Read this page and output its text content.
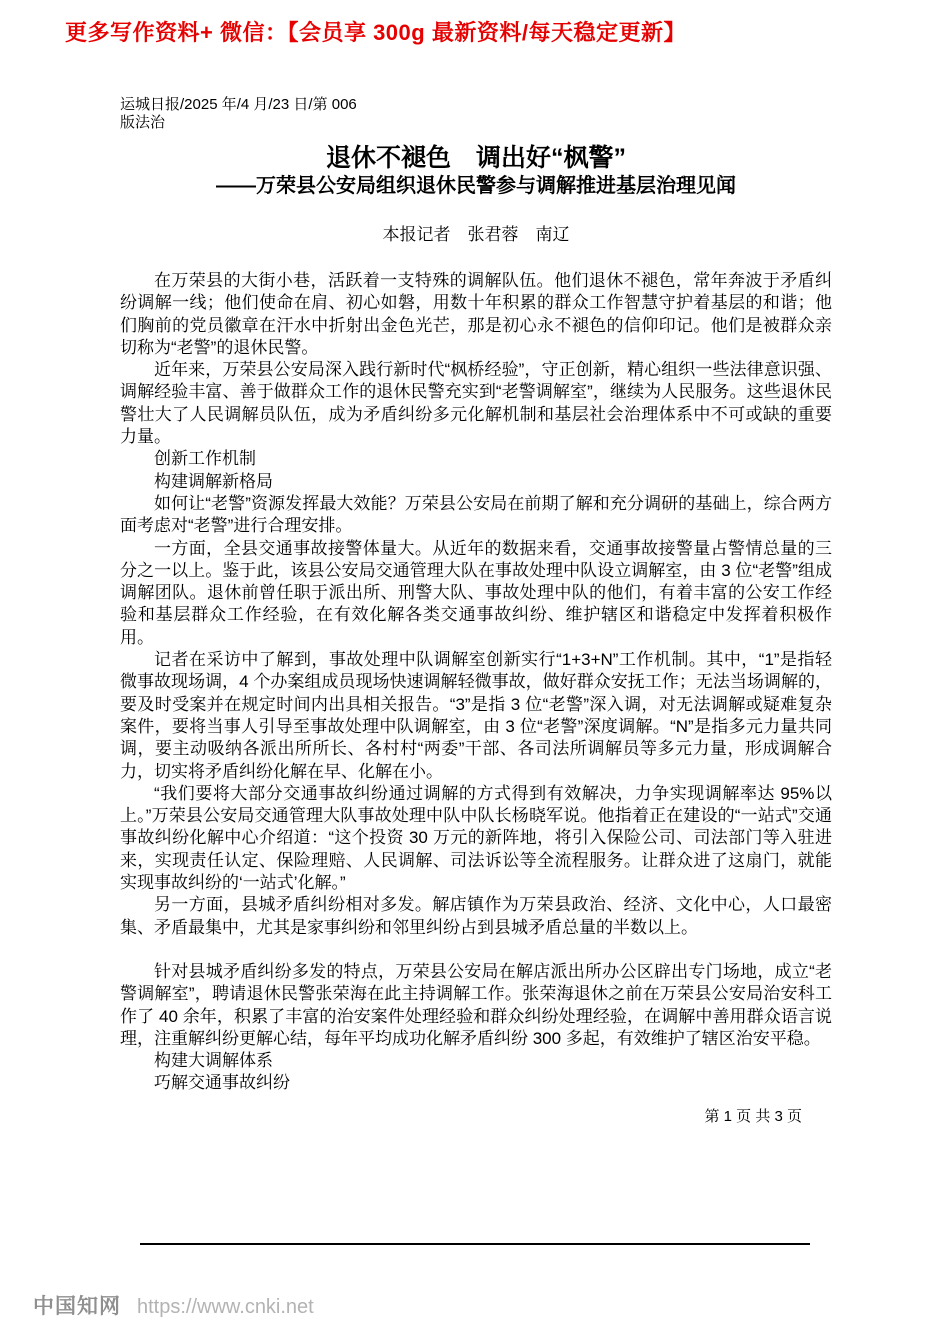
更多写作资料+ 微信：【会员享 300g 最新资料/每天稳定更新】
运城日报/2025 年/4 月/23 日/第 006
版法治
退休不褪色　调出好“枫警”
——万荣县公安局组织退休民警参与调解推进基层治理见闻
本报记者　张君蓉　南辽

在万荣县的大街小巷，活跃着一支特殊的调解队伍。他们退休不褪色，常年奔波于矛盾纠纷调解一线；他们使命在肩、初心如磐，用数十年积累的群众工作智慧守护着基层的和谐；他们胸前的党员徽章在汗水中折射出金色光芒，那是初心永不褪色的信仰印记。他们是被群众亲切称为“老警”的退休民警。

近年来，万荣县公安局深入践行新时代“枫桥经验”，守正创新，精心组织一些法律意识强、调解经验丰富、善于做群众工作的退休民警充实到“老警调解室”，继续为人民服务。这些退休民警壮大了人民调解员队伍，成为矛盾纠纷多元化解机制和基层社会治理体系中不可或缺的重要力量。

创新工作机制

构建调解新格局

如何让“老警”资源发挥最大效能？万荣县公安局在前期了解和充分调研的基础上，综合两方面考虑对“老警”进行合理安排。

一方面，全县交通事故接警体量大。从近年的数据来看，交通事故接警量占警情总量的三分之一以上。鉴于此，该县公安局交通管理大队在事故处理中队设立调解室，由 3 位“老警”组成调解团队。退休前曾任职于派出所、刑警大队、事故处理中队的他们，有着丰富的公安工作经验和基层群众工作经验，在有效化解各类交通事故纠纷、维护辖区和谐稳定中发挥着积极作用。

记者在采访中了解到，事故处理中队调解室创新实行“1+3+N”工作机制。其中，“1”是指轻微事故现场调，4 个办案组成员现场快速调解轻微事故，做好群众安抚工作；无法当场调解的，要及时受案并在规定时间内出具相关报告。“3”是指 3 位“老警”深入调，对无法调解或疑难复杂案件，要将当事人引导至事故处理中队调解室，由 3 位“老警”深度调解。“N”是指多元力量共同调，要主动吸纳各派出所所长、各村村“两委”干部、各司法所调解员等多元力量，形成调解合力，切实将矛盾纠纷化解在早、化解在小。

“我们要将大部分交通事故纠纷通过调解的方式得到有效解决，力争实现调解率达 95%以上。”万荣县公安局交通管理大队事故处理中队中队长杨晓军说。他指着正在建设的“一站式”交通事故纠纷化解中心介绍道：“这个投资 30 万元的新阵地，将引入保险公司、司法部门等入驻进来，实现责任认定、保险理赔、人民调解、司法诉讼等全流程服务。让群众进了这扇门，就能实现事故纠纷的‘一站式’化解。”

另一方面，县城矛盾纠纷相对多发。解店镇作为万荣县政治、经济、文化中心，人口最密集、矛盾最集中，尤其是家事纠纷和邻里纠纷占到县城矛盾总量的半数以上。

针对县城矛盾纠纷多发的特点，万荣县公安局在解店派出所办公区辟出专门场地，成立“老警调解室”，聘请退休民警张荣海在此主持调解工作。张荣海退休之前在万荣县公安局治安科工作了 40 余年，积累了丰富的治安案件处理经验和群众纠纷处理经验，在调解中善用群众语言说理，注重解纠纷更解心结，每年平均成功化解矛盾纠纷 300 多起，有效维护了辖区治安平稳。

构建大调解体系

巧解交通事故纠纷

第 1 页 共 3 页
中国知网 https://www.cnki.net
